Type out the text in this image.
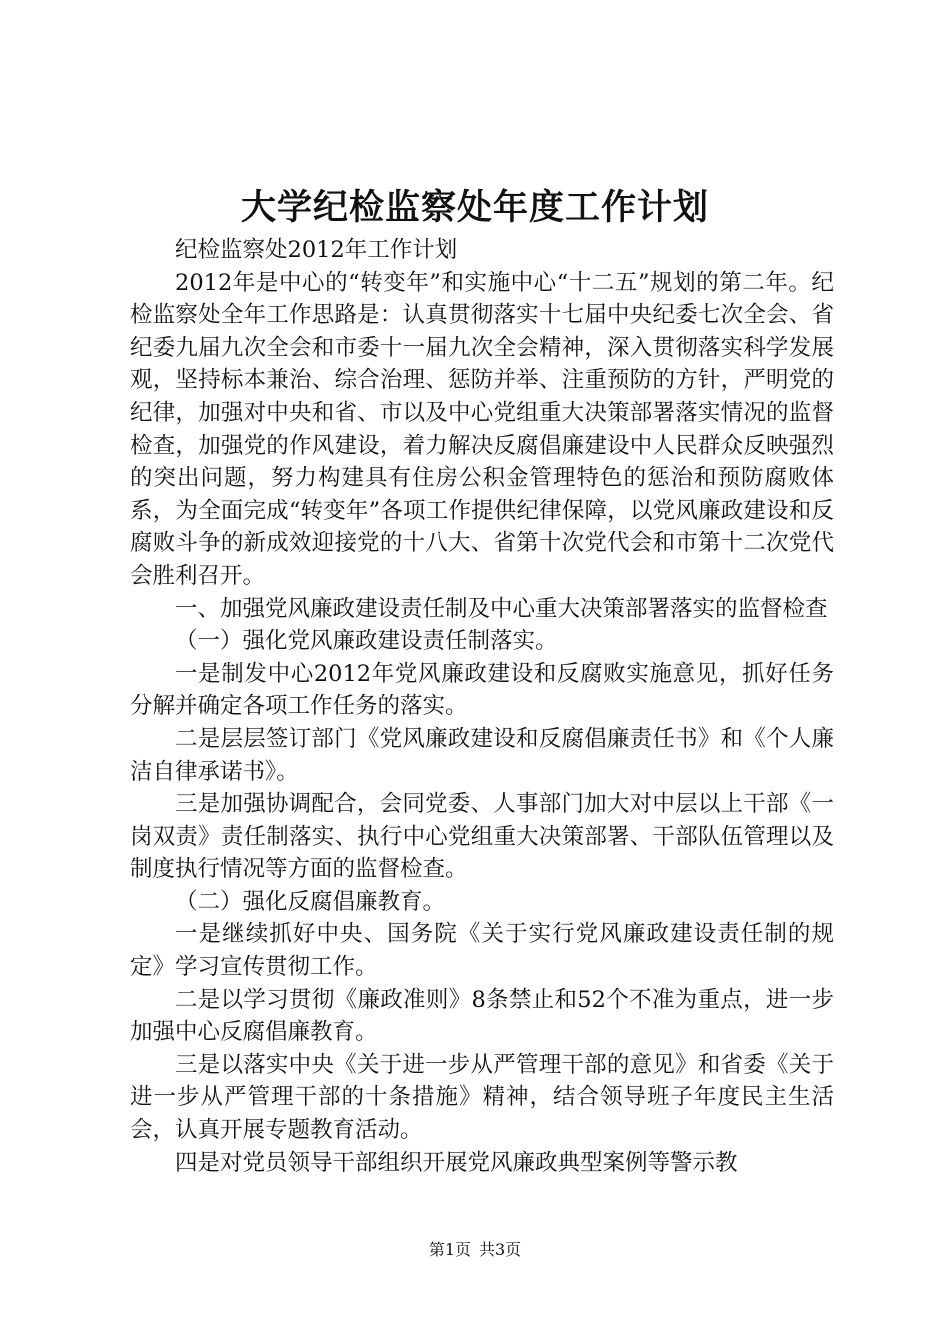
大学纪检监察处年度工作计划

纪检监察处2012年工作计划

2012年是中心的“转变年”和实施中心“十二五”规划的第二年。纪检监察处全年工作思路是：认真贯彻落实十七届中央纪委七次全会、省纪委九届九次全会和市委十一届九次全会精神，深入贯彻落实科学发展观，坚持标本兼治、综合治理、惩防并举、注重预防的方针，严明党的纪律，加强对中央和省、市以及中心党组重大决策部署落实情况的监督检查，加强党的作风建设，着力解决反腐倡廉建设中人民群众反映强烈的突出问题，努力构建具有住房公积金管理特色的惩治和预防腐败体系，为全面完成“转变年”各项工作提供纪律保障，以党风廉政建设和反腐败斗争的新成效迎接党的十八大、省第十次党代会和市第十二次党代会胜利召开。

一、加强党风廉政建设责任制及中心重大决策部署落实的监督检查

（一）强化党风廉政建设责任制落实。

一是制发中心2012年党风廉政建设和反腐败实施意见，抓好任务分解并确定各项工作任务的落实。

二是层层签订部门《党风廉政建设和反腐倡廉责任书》和《个人廉洁自律承诺书》。

三是加强协调配合，会同党委、人事部门加大对中层以上干部《一岗双责》责任制落实、执行中心党组重大决策部署、干部队伍管理以及制度执行情况等方面的监督检查。

（二）强化反腐倡廉教育。

一是继续抓好中央、国务院《关于实行党风廉政建设责任制的规定》学习宣传贯彻工作。

二是以学习贯彻《廉政准则》8条禁止和52个不准为重点，进一步加强中心反腐倡廉教育。

三是以落实中央《关于进一步从严管理干部的意见》和省委《关于进一步从严管理干部的十条措施》精神，结合领导班子年度民主生活会，认真开展专题教育活动。

四是对党员领导干部组织开展党风廉政典型案例等警示教

第1页 共3页
